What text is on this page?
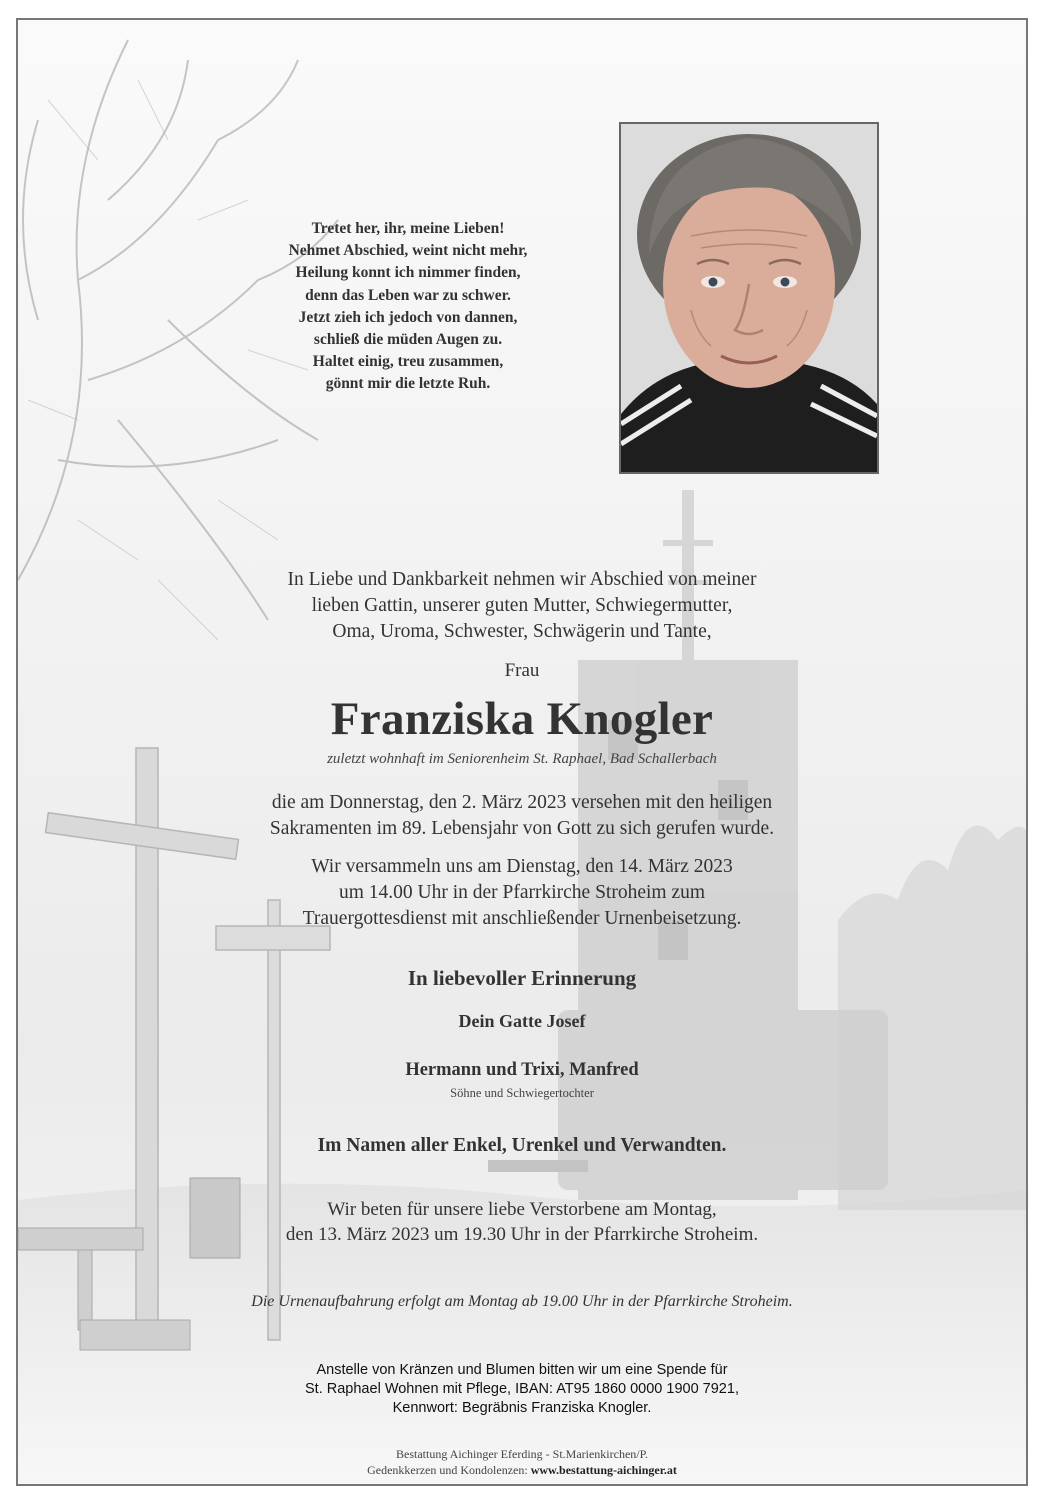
Tretet her, ihr, meine Lieben!
Nehmet Abschied, weint nicht mehr,
Heilung konnt ich nimmer finden,
denn das Leben war zu schwer.
Jetzt zieh ich jedoch von dannen,
schließ die müden Augen zu.
Haltet einig, treu zusammen,
gönnt mir die letzte Ruh.
In Liebe und Dankbarkeit nehmen wir Abschied von meiner
lieben Gattin, unserer guten Mutter, Schwiegermutter,
Oma, Uroma, Schwester, Schwägerin und Tante,
Frau
Franziska Knogler
zuletzt wohnhaft im Seniorenheim St. Raphael, Bad Schallerbach
die am Donnerstag, den 2. März 2023 versehen mit den heiligen
Sakramenten im 89. Lebensjahr von Gott zu sich gerufen wurde.
Wir versammeln uns am Dienstag, den 14. März 2023
um 14.00 Uhr in der Pfarrkirche Stroheim zum
Trauergottesdienst mit anschließender Urnenbeisetzung.
In liebevoller Erinnerung
Dein Gatte Josef
Hermann und Trixi, Manfred
Söhne und Schwiegertochter
Im Namen aller Enkel, Urenkel und Verwandten.
Wir beten für unsere liebe Verstorbene am Montag,
den 13. März 2023 um 19.30 Uhr in der Pfarrkirche Stroheim.
Die Urnenaufbahrung erfolgt am Montag ab 19.00 Uhr in der Pfarrkirche Stroheim.
Anstelle von Kränzen und Blumen bitten wir um eine Spende für
St. Raphael Wohnen mit Pflege, IBAN: AT95 1860 0000 1900 7921,
Kennwort: Begräbnis Franziska Knogler.
Bestattung Aichinger Eferding - St.Marienkirchen/P.
Gedenkkerzen und Kondolenzen: www.bestattung-aichinger.at
